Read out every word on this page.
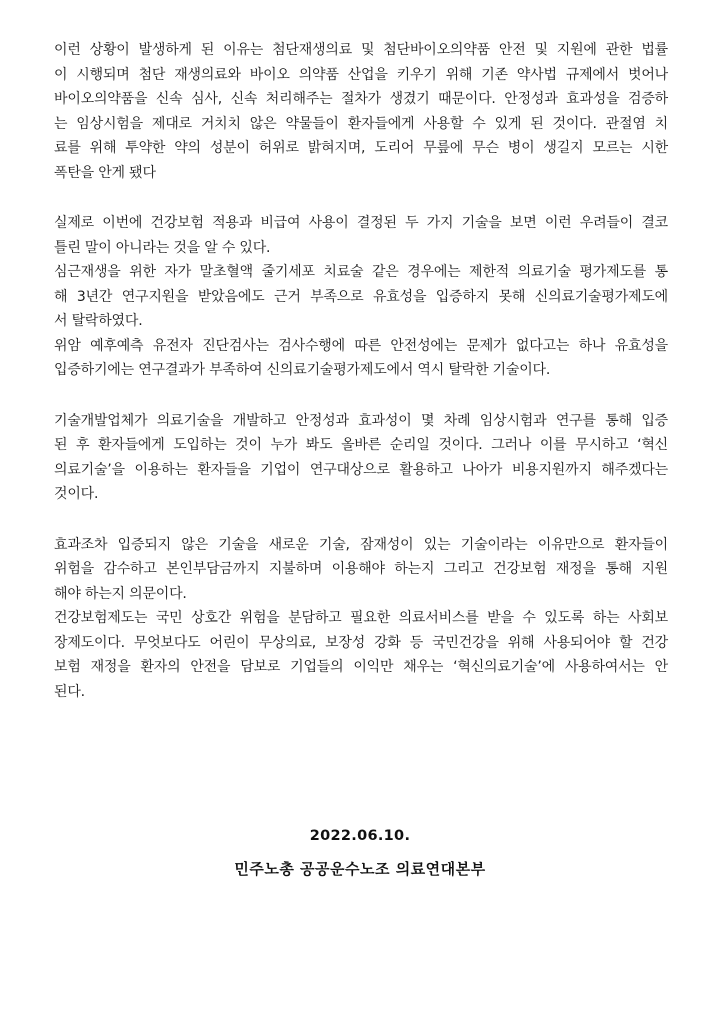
이런 상황이 발생하게 된 이유는 첨단재생의료 및 첨단바이오의약품 안전 및 지원에 관한 법률
이 시행되며 첨단 재생의료와 바이오 의약품 산업을 키우기 위해 기존 약사법 규제에서 벗어나
바이오의약품을 신속 심사, 신속 처리해주는 절차가 생겼기 때문이다. 안정성과 효과성을 검증하
는 임상시험을 제대로 거치치 않은 약물들이 환자들에게 사용할 수 있게 된 것이다. 관절염 치
료를 위해 투약한 약의 성분이 허위로 밝혀지며, 도리어 무릎에 무슨 병이 생길지 모르는 시한
폭탄을 안게 됐다
실제로 이번에 건강보험 적용과 비급여 사용이 결정된 두 가지 기술을 보면 이런 우려들이 결코
틀린 말이 아니라는 것을 알 수 있다.
심근재생을 위한 자가 말초혈액 줄기세포 치료술 같은 경우에는 제한적 의료기술 평가제도를 통
해 3년간 연구지원을 받았음에도 근거 부족으로 유효성을 입증하지 못해 신의료기술평가제도에
서 탈락하였다.
위암 예후예측 유전자 진단검사는 검사수행에 따른 안전성에는 문제가 없다고는 하나 유효성을
입증하기에는 연구결과가 부족하여 신의료기술평가제도에서 역시 탈락한 기술이다.
기술개발업체가 의료기술을 개발하고 안정성과 효과성이 몇 차례 임상시험과 연구를 통해 입증
된 후 환자들에게 도입하는 것이 누가 봐도 올바른 순리일 것이다. 그러나 이를 무시하고 ‘혁신
의료기술’을 이용하는 환자들을 기업이 연구대상으로 활용하고 나아가 비용지원까지 해주겠다는
것이다.
효과조차 입증되지 않은 기술을 새로운 기술, 잠재성이 있는 기술이라는 이유만으로 환자들이
위험을 감수하고 본인부담금까지 지불하며 이용해야 하는지 그리고 건강보험 재정을 통해 지원
해야 하는지 의문이다.
건강보험제도는 국민 상호간 위험을 분담하고 필요한 의료서비스를 받을 수 있도록 하는 사회보
장제도이다. 무엇보다도 어린이 무상의료, 보장성 강화 등 국민건강을 위해 사용되어야 할 건강
보험 재정을 환자의 안전을 담보로 기업들의 이익만 채우는 ‘혁신의료기술’에 사용하여서는 안
된다.
2022.06.10.
민주노총 공공운수노조 의료연대본부
